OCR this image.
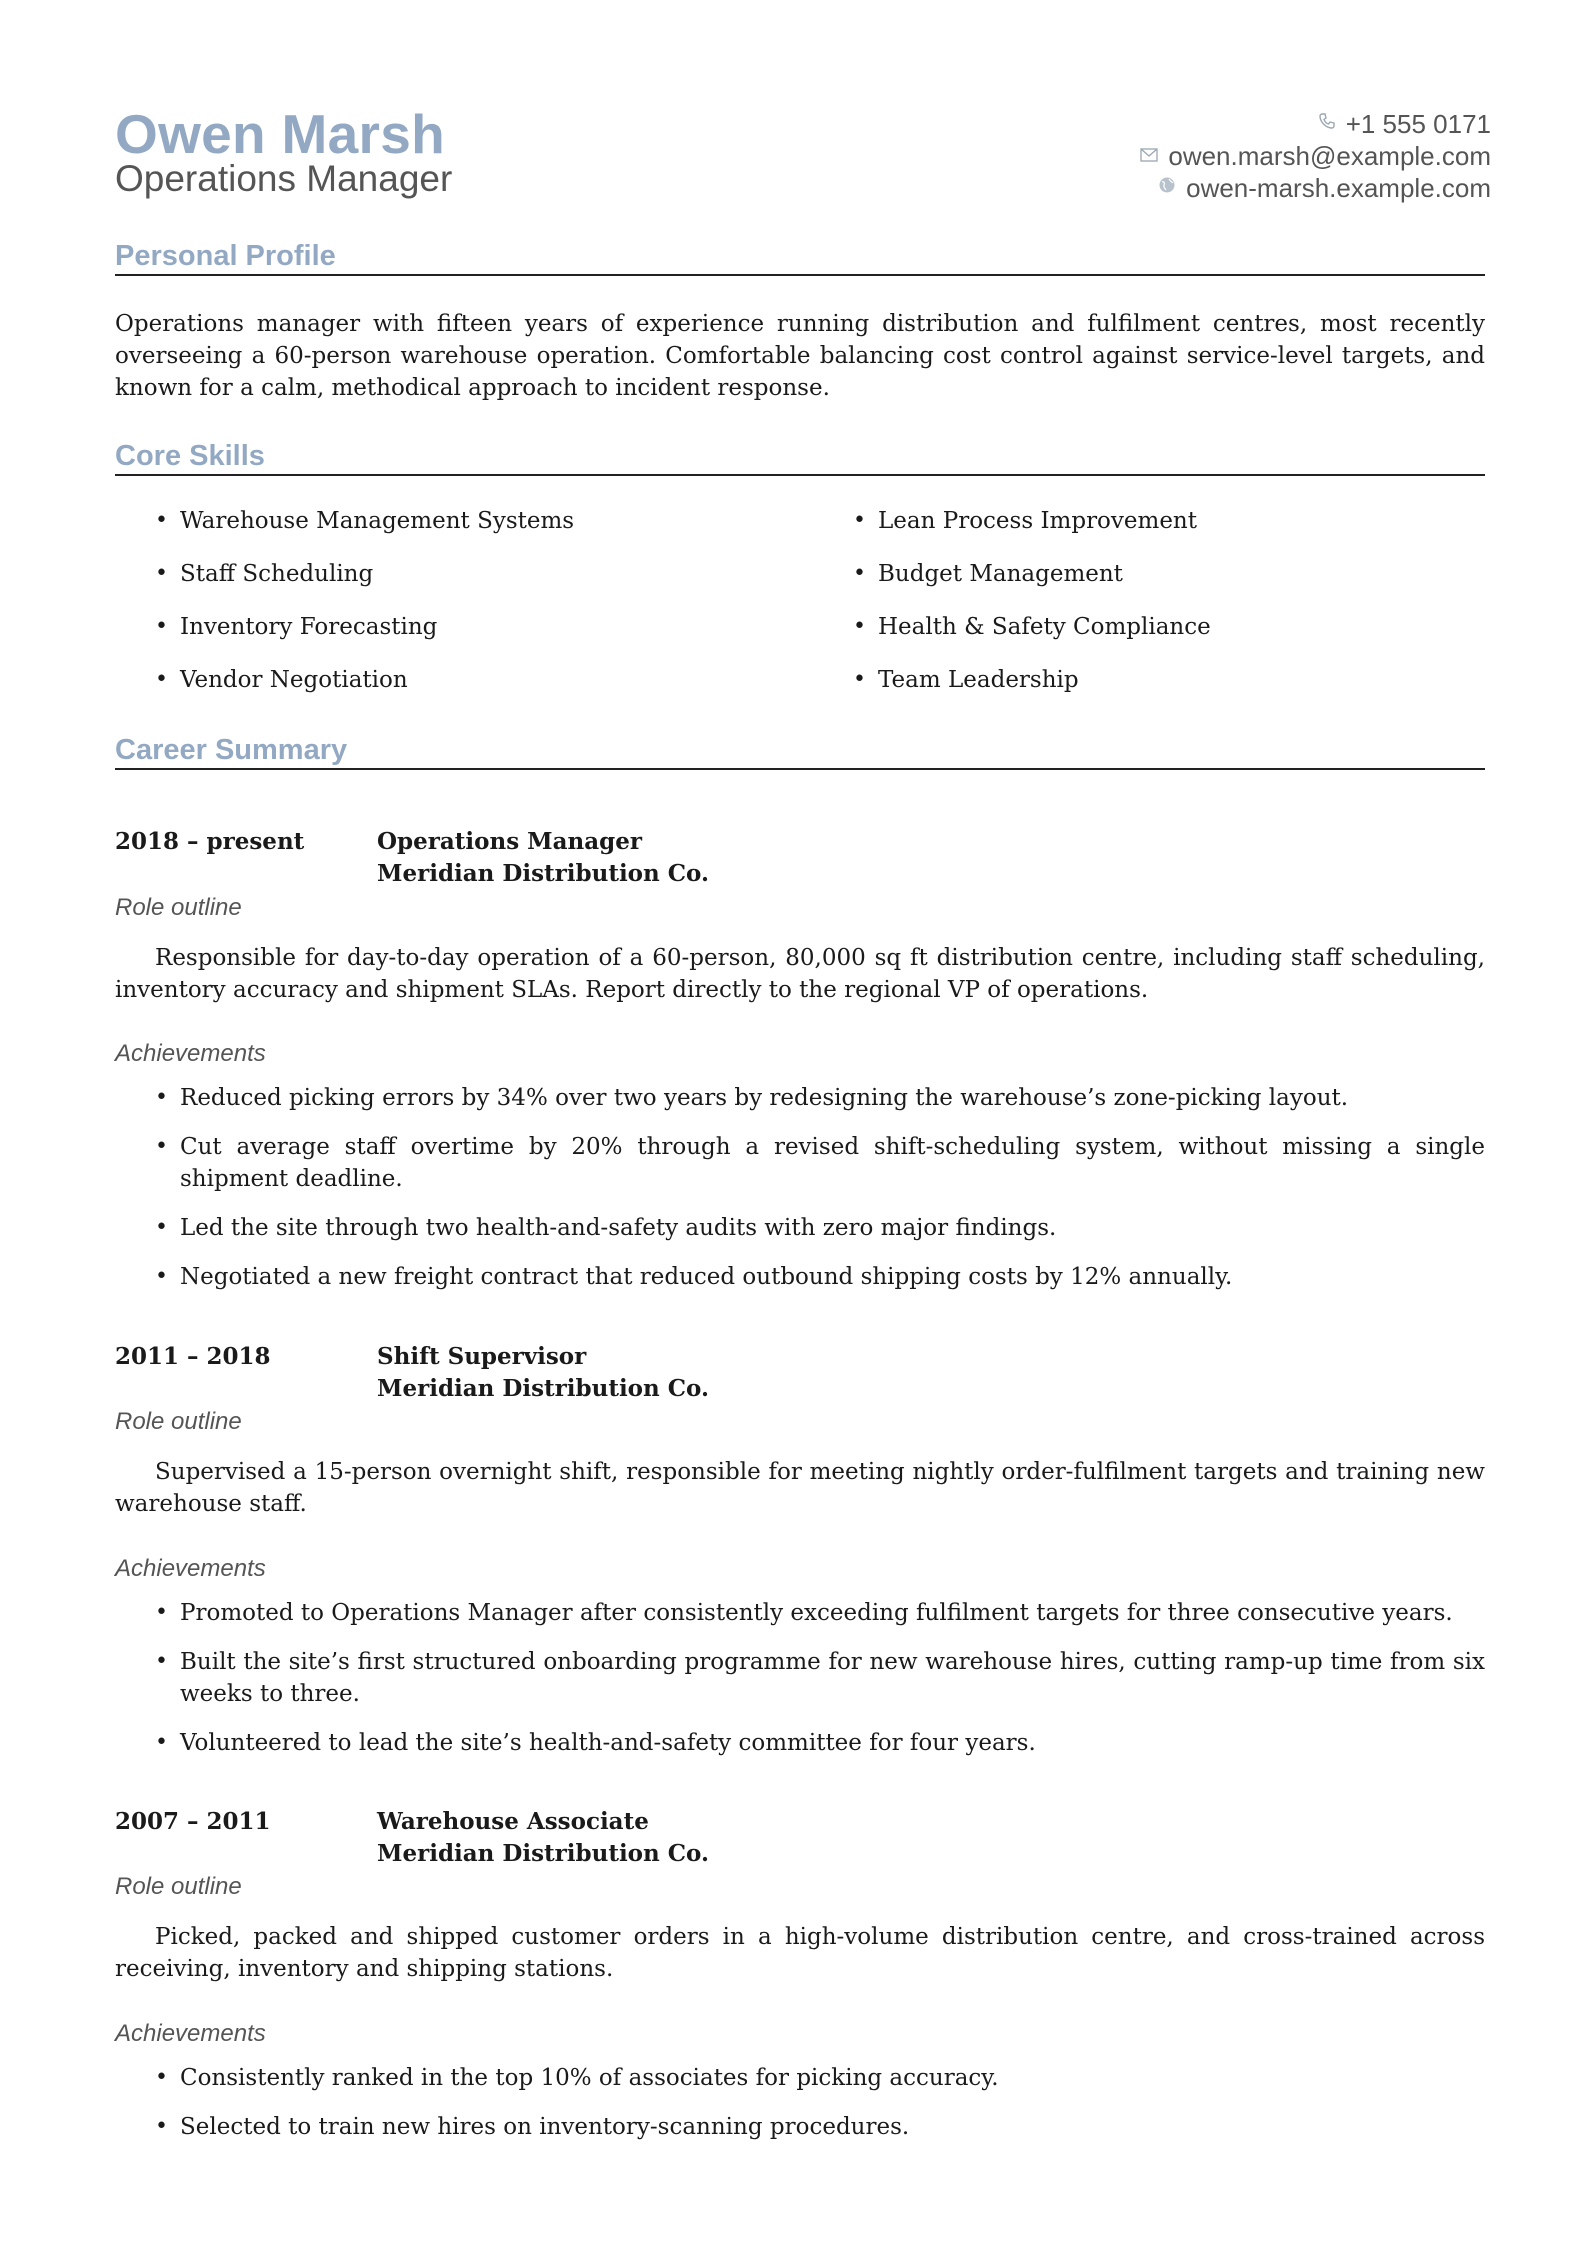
Owen Marsh
Operations Manager
+1 555 0171
owen.marsh@example.com
owen-marsh.example.com
Personal Profile
Operations manager with fifteen years of experience running distribution and fulfilment centres, most recently overseeing a 60-person warehouse operation. Comfortable balancing cost control against service-level targets, and known for a calm, methodical approach to incident response.
Core Skills
• Warehouse Management Systems
• Staff Scheduling
• Inventory Forecasting
• Vendor Negotiation
• Lean Process Improvement
• Budget Management
• Health & Safety Compliance
• Team Leadership
Career Summary
2018 – present	Operations Manager
Meridian Distribution Co.
Role outline
Responsible for day-to-day operation of a 60-person, 80,000 sq ft distribution centre, including staff scheduling, inventory accuracy and shipment SLAs. Report directly to the regional VP of operations.
Achievements
• Reduced picking errors by 34% over two years by redesigning the warehouse’s zone-picking layout.
• Cut average staff overtime by 20% through a revised shift-scheduling system, without missing a single shipment deadline.
• Led the site through two health-and-safety audits with zero major findings.
• Negotiated a new freight contract that reduced outbound shipping costs by 12% annually.
2011 – 2018	Shift Supervisor
Meridian Distribution Co.
Role outline
Supervised a 15-person overnight shift, responsible for meeting nightly order-fulfilment targets and training new warehouse staff.
Achievements
• Promoted to Operations Manager after consistently exceeding fulfilment targets for three consecutive years.
• Built the site’s first structured onboarding programme for new warehouse hires, cutting ramp-up time from six weeks to three.
• Volunteered to lead the site’s health-and-safety committee for four years.
2007 – 2011	Warehouse Associate
Meridian Distribution Co.
Role outline
Picked, packed and shipped customer orders in a high-volume distribution centre, and cross-trained across receiving, inventory and shipping stations.
Achievements
• Consistently ranked in the top 10% of associates for picking accuracy.
• Selected to train new hires on inventory-scanning procedures.
